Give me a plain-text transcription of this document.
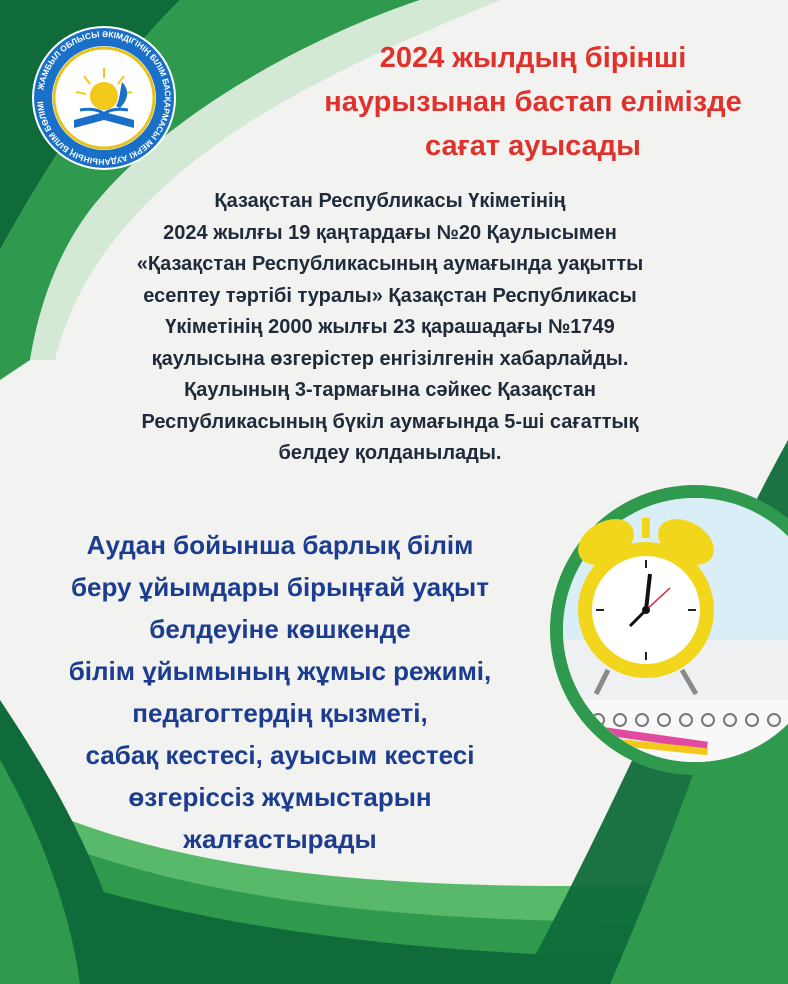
ЖАМБЫЛ ОБЛЫСЫ ӘКІМДІГІНІҢ БІЛІМ БАСҚАРМАСЫ МЕРКІ АУДАНЫНЫҢ БІЛІМ БӨЛІМІ
2024 жылдың бірінші
наурызынан бастап елімізде
сағат ауысады
Қазақстан Республикасы Үкіметінің
2024 жылғы 19 қаңтардағы №20 Қаулысымен
«Қазақстан Республикасының аумағында уақытты
есептеу тәртібі туралы» Қазақстан Республикасы
Үкіметінің 2000 жылғы 23 қарашадағы №1749
қаулысына өзгерістер енгізілгенін хабарлайды.
Қаулының 3-тармағына сәйкес Қазақстан
Республикасының бүкіл аумағында 5-ші сағаттық
белдеу қолданылады.
Аудан бойынша барлық білім
беру ұйымдары бірыңғай уақыт
белдеуіне көшкенде
білім ұйымының жұмыс режимі,
педагогтердің қызметі,
сабақ кестесі, ауысым кестесі
өзгеріссіз жұмыстарын
жалғастырады
